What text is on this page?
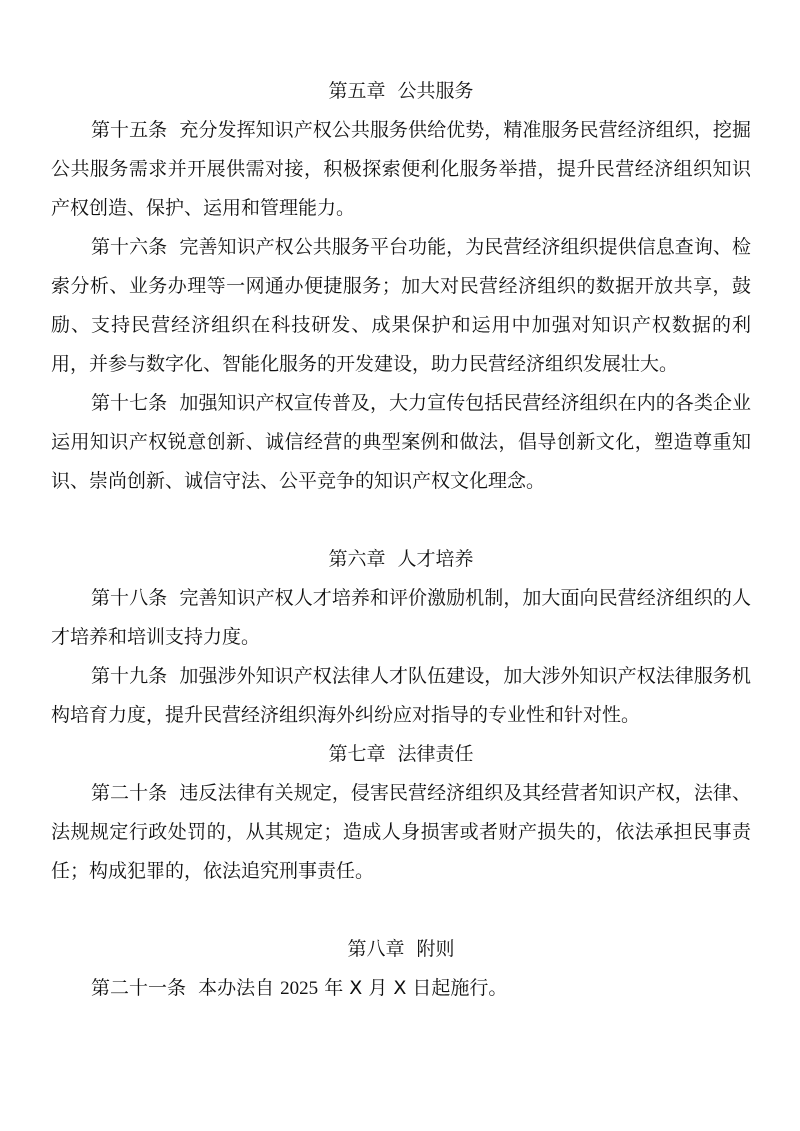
第五章  公共服务

第十五条 充分发挥知识产权公共服务供给优势，精准服务民营经济组织，挖掘公共服务需求并开展供需对接，积极探索便利化服务举措，提升民营经济组织知识产权创造、保护、运用和管理能力。

第十六条 完善知识产权公共服务平台功能，为民营经济组织提供信息查询、检索分析、业务办理等一网通办便捷服务；加大对民营经济组织的数据开放共享，鼓励、支持民营经济组织在科技研发、成果保护和运用中加强对知识产权数据的利用，并参与数字化、智能化服务的开发建设，助力民营经济组织发展壮大。

第十七条 加强知识产权宣传普及，大力宣传包括民营经济组织在内的各类企业运用知识产权锐意创新、诚信经营的典型案例和做法，倡导创新文化，塑造尊重知识、崇尚创新、诚信守法、公平竞争的知识产权文化理念。

第六章  人才培养

第十八条 完善知识产权人才培养和评价激励机制，加大面向民营经济组织的人才培养和培训支持力度。

第十九条 加强涉外知识产权法律人才队伍建设，加大涉外知识产权法律服务机构培育力度，提升民营经济组织海外纠纷应对指导的专业性和针对性。

第七章  法律责任

第二十条 违反法律有关规定，侵害民营经济组织及其经营者知识产权，法律、法规规定行政处罚的，从其规定；造成人身损害或者财产损失的，依法承担民事责任；构成犯罪的，依法追究刑事责任。

第八章  附则

第二十一条 本办法自 2025 年 X 月 X 日起施行。
